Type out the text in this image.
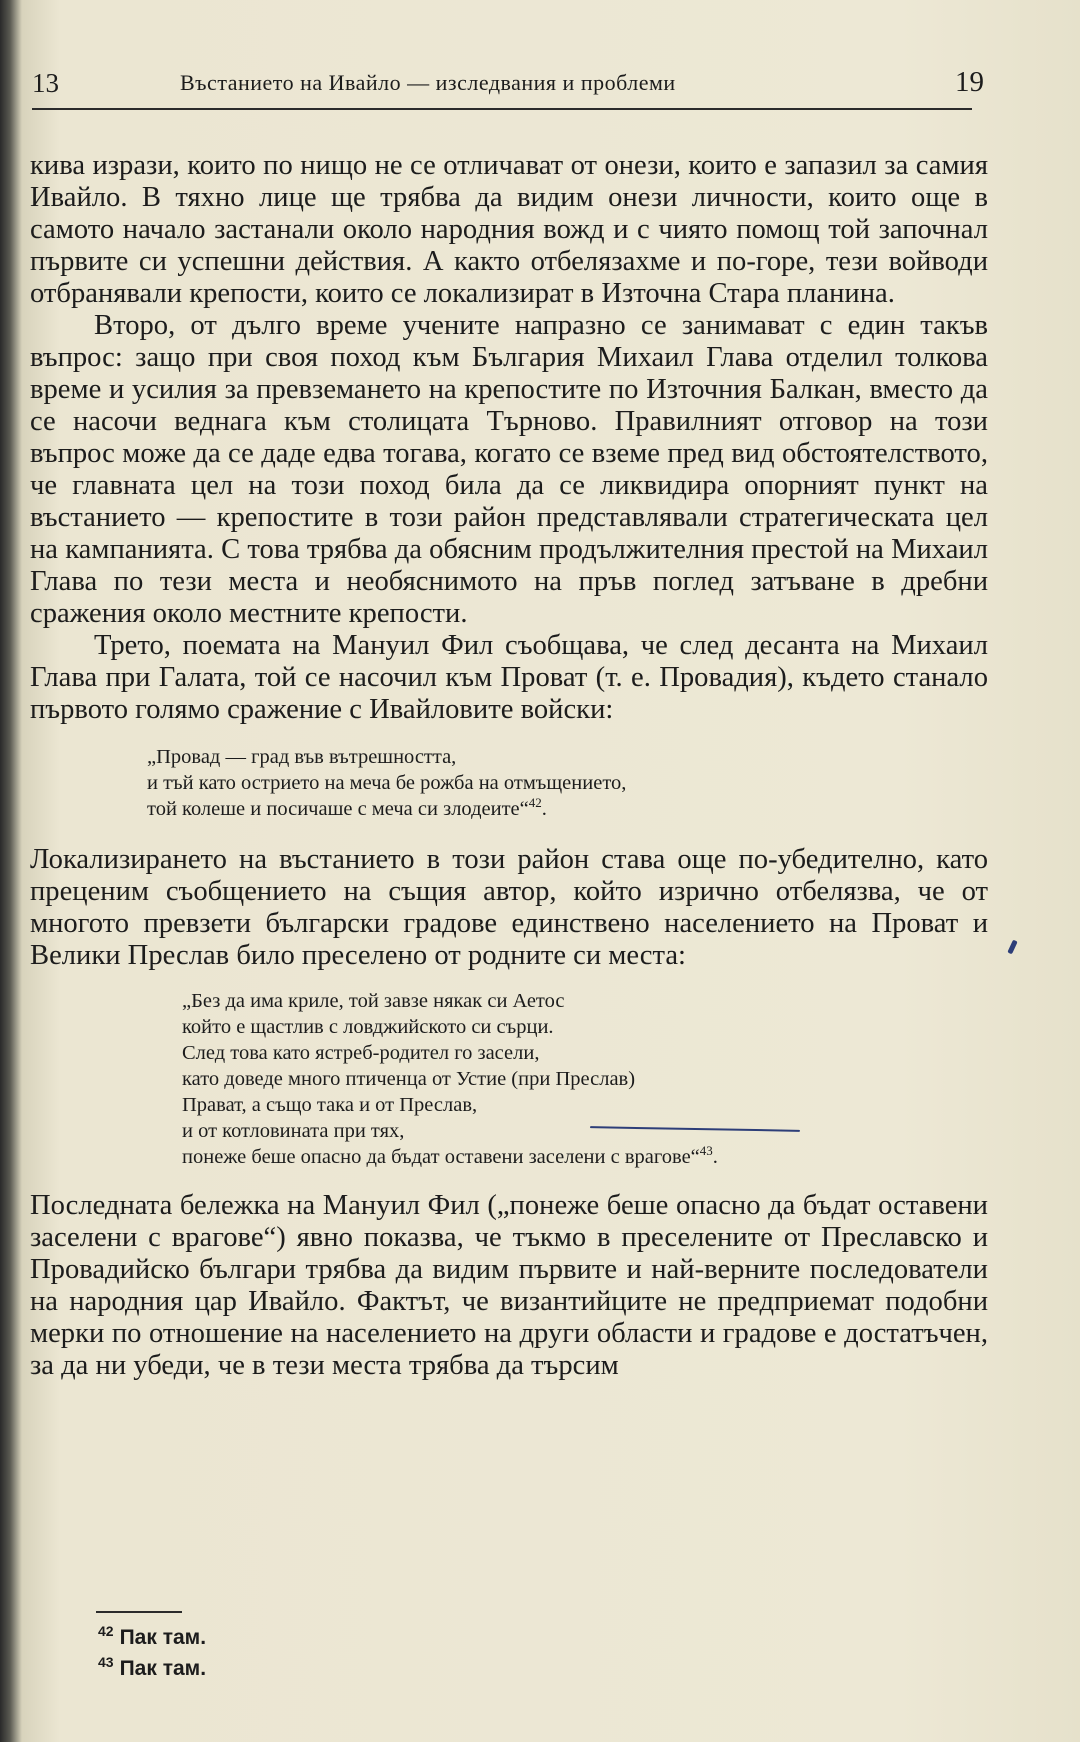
13	Въстанието на Ивайло — изследвания и проблеми	19

кива изрази, които по нищо не се отличават от онези, които е запазил за самия Ивайло. В тяхно лице ще трябва да видим онези личности, които още в самото начало застанали около народния вожд и с чиято помощ той започнал първите си успешни действия. А както отбелязахме и по-горе, тези войводи отбранявали крепости, които се локализират в Източна Стара планина.

Второ, от дълго време учените напразно се занимават с един такъв въпрос: защо при своя поход към България Михаил Глава отделил толкова време и усилия за превземането на крепостите по Източния Балкан, вместо да се насочи веднага към столицата Търново. Правилният отговор на този въпрос може да се даде едва тогава, когато се вземе пред вид обстоятелството, че главната цел на този поход била да се ликвидира опорният пункт на въстанието — крепостите в този район представлявали стратегическата цел на кампанията. С това трябва да обясним продължителния престой на Михаил Глава по тези места и необяснимото на пръв поглед затъване в дребни сражения около местните крепости.

Трето, поемата на Мануил Фил съобщава, че след десанта на Михаил Глава при Галата, той се насочил към Проват (т. е. Провадия), където станало първото голямо сражение с Ивайловите войски:

„Провад — град във вътрешността,
и тъй като острието на меча бе рожба на отмъщението,
той колеше и посичаше с меча си злодеите“$^{42}$.

Локализирането на въстанието в този район става още по-убедително, като преценим съобщението на същия автор, който изрично отбелязва, че от многото превзети български градове единствено населението на Проват и Велики Преслав било преселено от родните си места:

„Без да има криле, той завзе някак си Аетос
който е щастлив с ловджийското си сърци.
След това като ястреб-родител го засели,
като доведе много птиченца от Устие (при Преслав)
Прават, а също така и от Преслав,
и от котловината при тях,
понеже беше опасно да бъдат оставени заселени с врагове“$^{43}$.

Последната бележка на Мануил Фил („понеже беше опасно да бъдат оставени заселени с врагове“) явно показва, че тъкмо в преселените от Преславско и Провадийско българи трябва да видим първите и най-верните последователи на народния цар Ивайло. Фактът, че византийците не предприемат подобни мерки по отношение на населението на други области и градове е достатъчен, за да ни убеди, че в тези места трябва да търсим

$^{42}$ Пак там.
$^{43}$ Пак там.
